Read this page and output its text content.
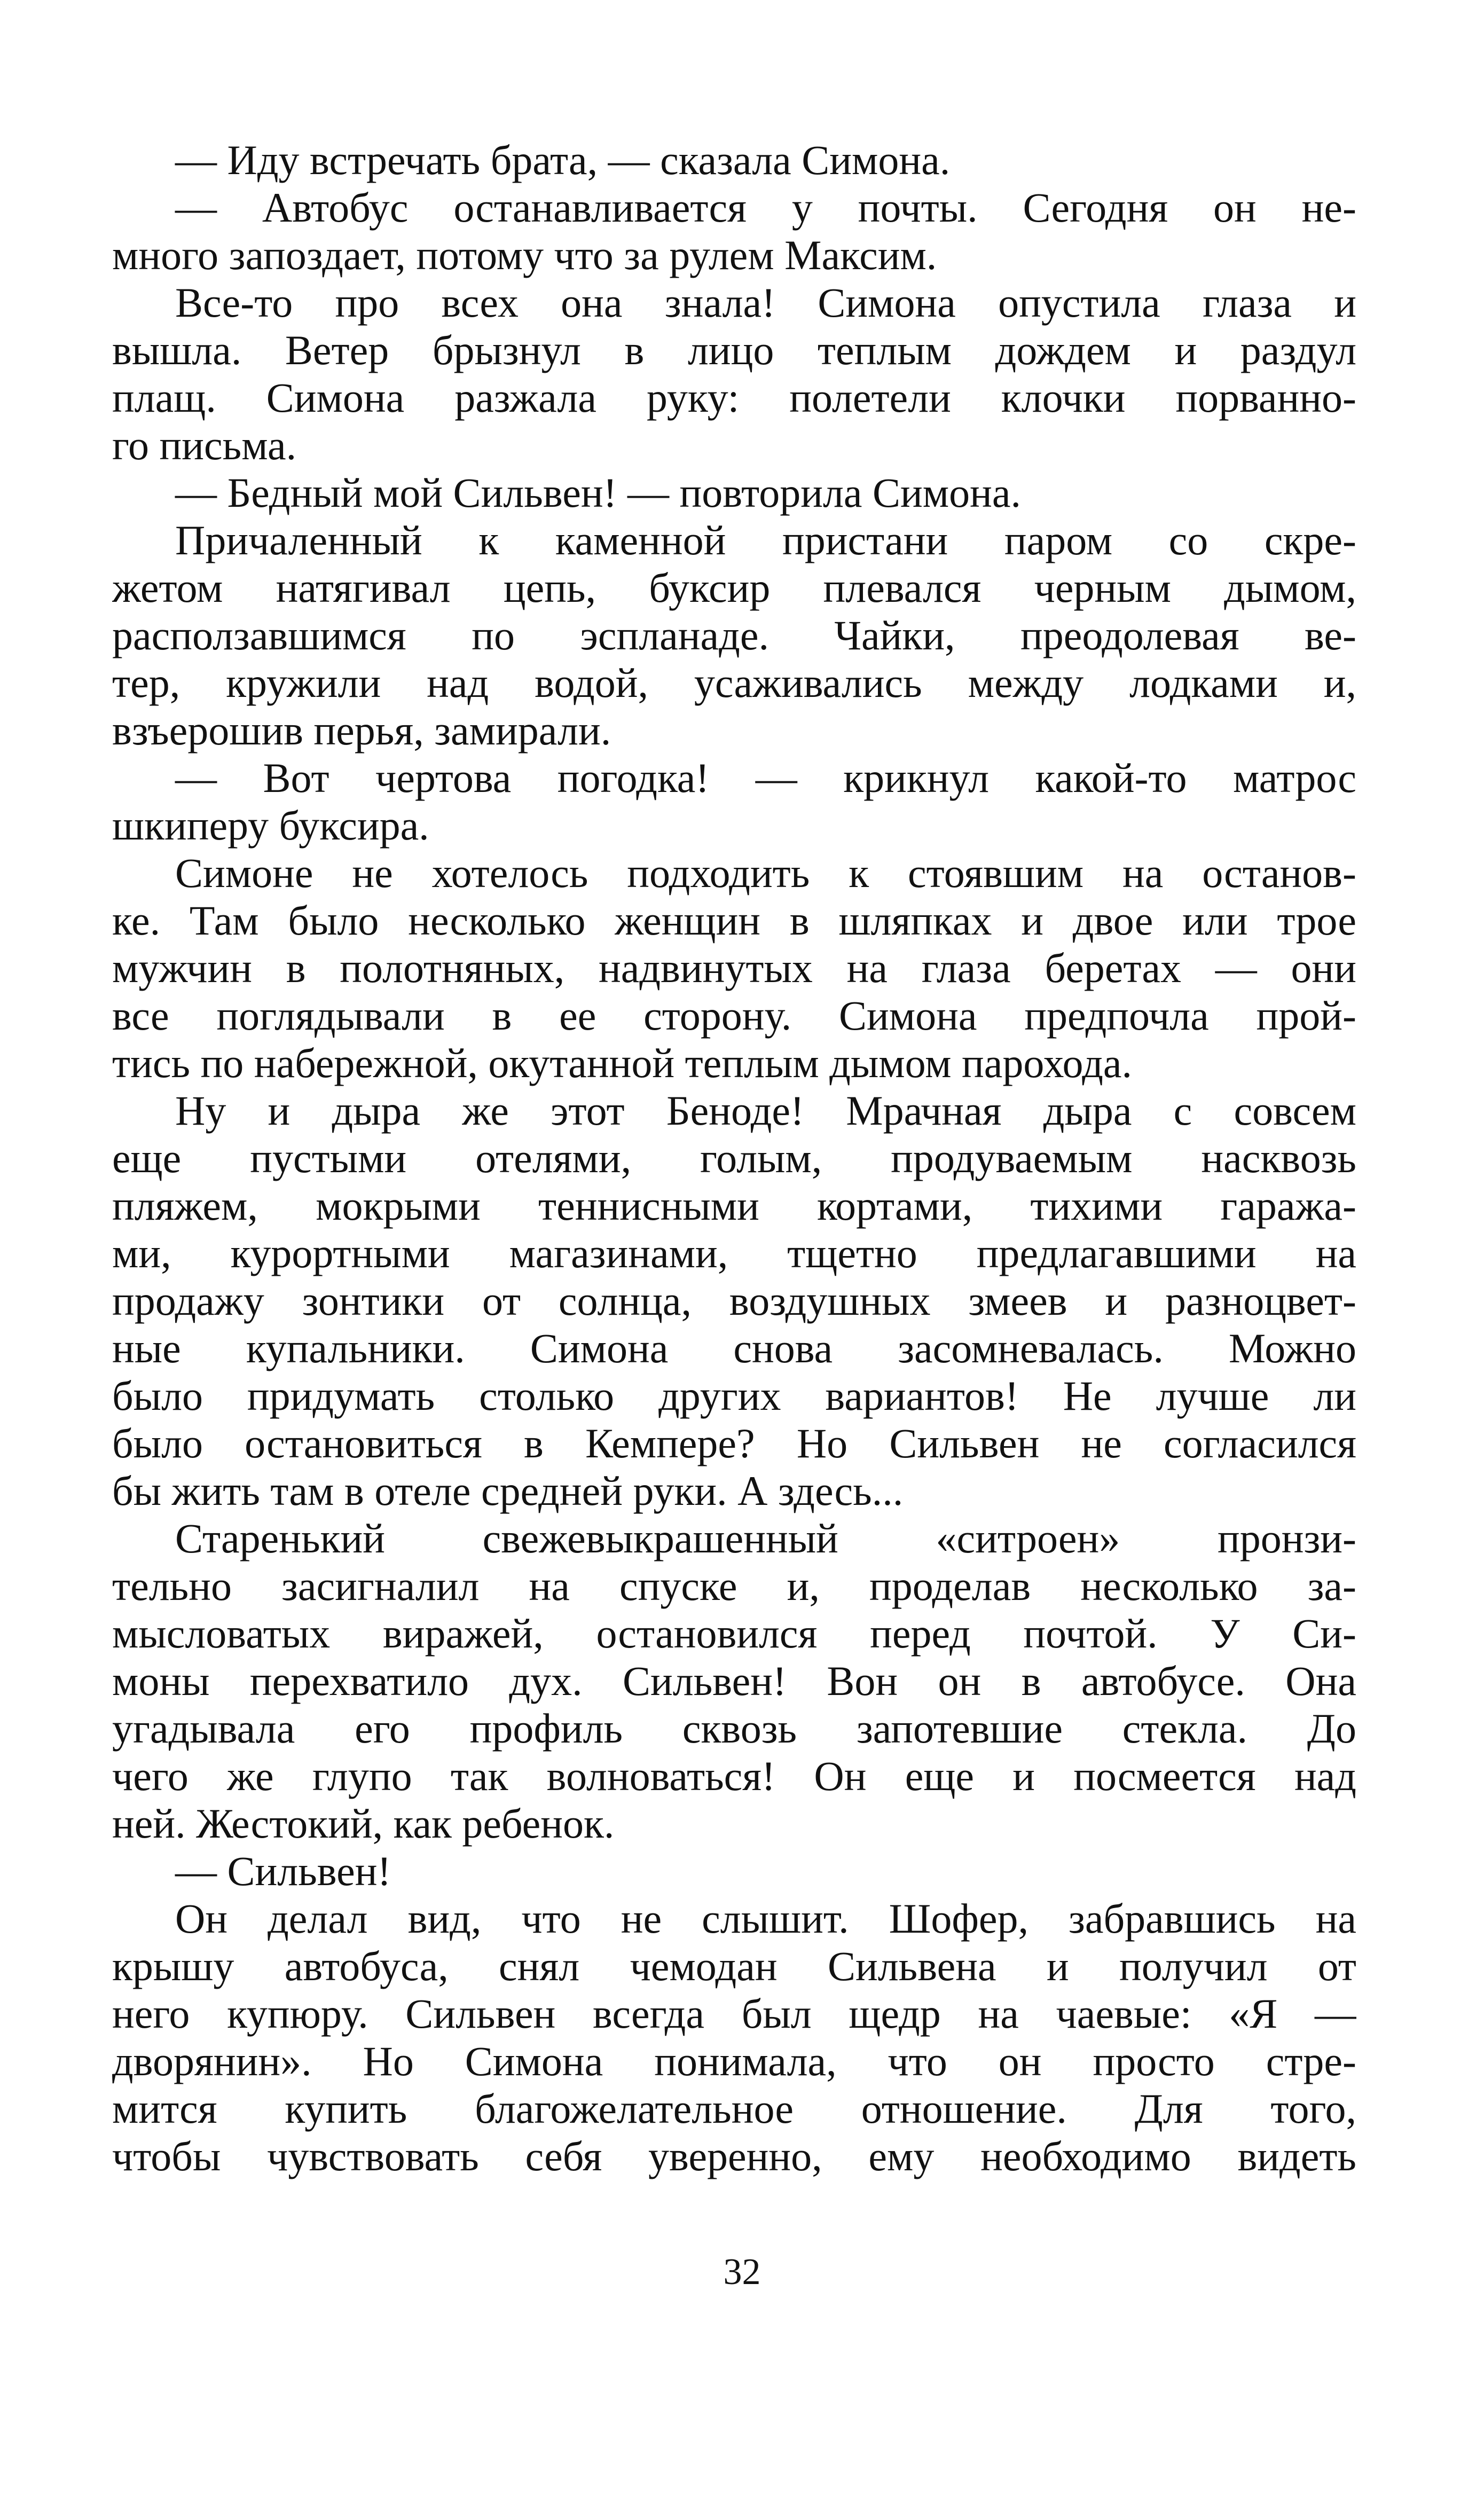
— Иду встречать брата, — сказала Симона.
— Автобус останавливается у почты. Сегодня он не-
много запоздает, потому что за рулем Максим.
Все-то про всех она знала! Симона опустила глаза и
вышла. Ветер брызнул в лицо теплым дождем и раздул
плащ. Симона разжала руку: полетели клочки порванно-
го письма.
— Бедный мой Сильвен! — повторила Симона.
Причаленный к каменной пристани паром со скре-
жетом натягивал цепь, буксир плевался черным дымом,
расползавшимся по эспланаде. Чайки, преодолевая ве-
тер, кружили над водой, усаживались между лодками и,
взъерошив перья, замирали.
— Вот чертова погодка! — крикнул какой-то матрос
шкиперу буксира.
Симоне не хотелось подходить к стоявшим на останов-
ке. Там было несколько женщин в шляпках и двое или трое
мужчин в полотняных, надвинутых на глаза беретах — они
все поглядывали в ее сторону. Симона предпочла прой-
тись по набережной, окутанной теплым дымом парохода.
Ну и дыра же этот Бенодe! Мрачная дыра с совсем
еще пустыми отелями, голым, продуваемым насквозь
пляжем, мокрыми теннисными кортами, тихими гаража-
ми, курортными магазинами, тщетно предлагавшими на
продажу зонтики от солнца, воздушных змеев и разноцвет-
ные купальники. Симона снова засомневалась. Можно
было придумать столько других вариантов! Не лучше ли
было остановиться в Кемпере? Но Сильвен не согласился
бы жить там в отеле средней руки. А здесь...
Старенький свежевыкрашенный «ситроен» пронзи-
тельно засигналил на спуске и, проделав несколько за-
мысловатых виражей, остановился перед почтой. У Си-
моны перехватило дух. Сильвен! Вон он в автобусе. Она
угадывала его профиль сквозь запотевшие стекла. До
чего же глупо так волноваться! Он еще и посмеется над
ней. Жестокий, как ребенок.
— Сильвен!
Он делал вид, что не слышит. Шофер, забравшись на
крышу автобуса, снял чемодан Сильвена и получил от
него купюру. Сильвен всегда был щедр на чаевые: «Я —
дворянин». Но Симона понимала, что он просто стре-
мится купить благожелательное отношение. Для того,
чтобы чувствовать себя уверенно, ему необходимо видеть
32
